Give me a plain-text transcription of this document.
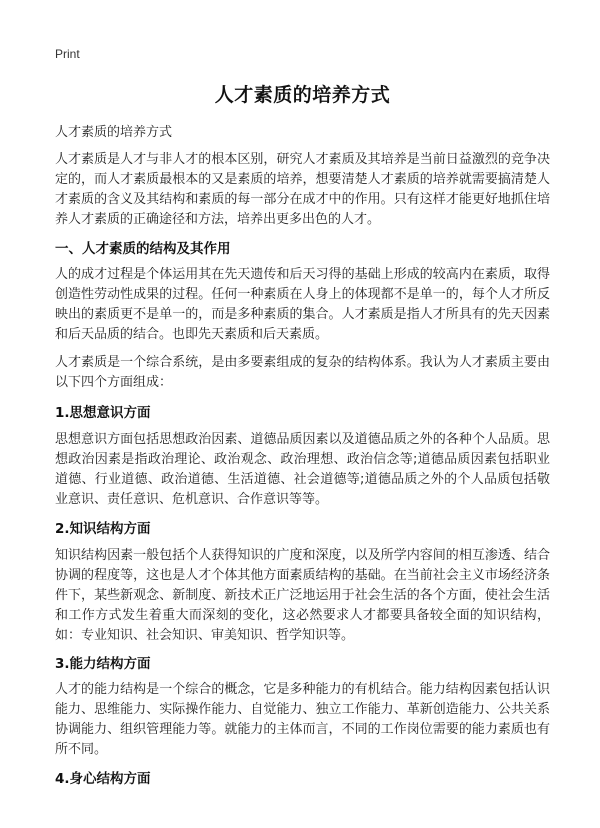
Print
人才素质的培养方式

人才素质的培养方式

人才素质是人才与非人才的根本区别，研究人才素质及其培养是当前日益激烈的竞争决定的，而人才素质最根本的又是素质的培养，想要清楚人才素质的培养就需要搞清楚人才素质的含义及其结构和素质的每一部分在成才中的作用。只有这样才能更好地抓住培养人才素质的正确途径和方法，培养出更多出色的人才。

一、人才素质的结构及其作用

人的成才过程是个体运用其在先天遗传和后天习得的基础上形成的较高内在素质，取得创造性劳动性成果的过程。任何一种素质在人身上的体现都不是单一的，每个人才所反映出的素质更不是单一的，而是多种素质的集合。人才素质是指人才所具有的先天因素和后天品质的结合。也即先天素质和后天素质。

人才素质是一个综合系统，是由多要素组成的复杂的结构体系。我认为人才素质主要由以下四个方面组成：

1.思想意识方面

思想意识方面包括思想政治因素、道德品质因素以及道德品质之外的各种个人品质。思想政治因素是指政治理论、政治观念、政治理想、政治信念等;道德品质因素包括职业道德、行业道德、政治道德、生活道德、社会道德等;道德品质之外的个人品质包括敬业意识、责任意识、危机意识、合作意识等等。

2.知识结构方面

知识结构因素一般包括个人获得知识的广度和深度，以及所学内容间的相互渗透、结合协调的程度等，这也是人才个体其他方面素质结构的基础。在当前社会主义市场经济条件下，某些新观念、新制度、新技术正广泛地运用于社会生活的各个方面，使社会生活和工作方式发生着重大而深刻的变化，这必然要求人才都要具备较全面的知识结构，如：专业知识、社会知识、审美知识、哲学知识等。

3.能力结构方面

人才的能力结构是一个综合的概念，它是多种能力的有机结合。能力结构因素包括认识能力、思维能力、实际操作能力、自觉能力、独立工作能力、革新创造能力、公共关系协调能力、组织管理能力等。就能力的主体而言，不同的工作岗位需要的能力素质也有所不同。

4.身心结构方面
